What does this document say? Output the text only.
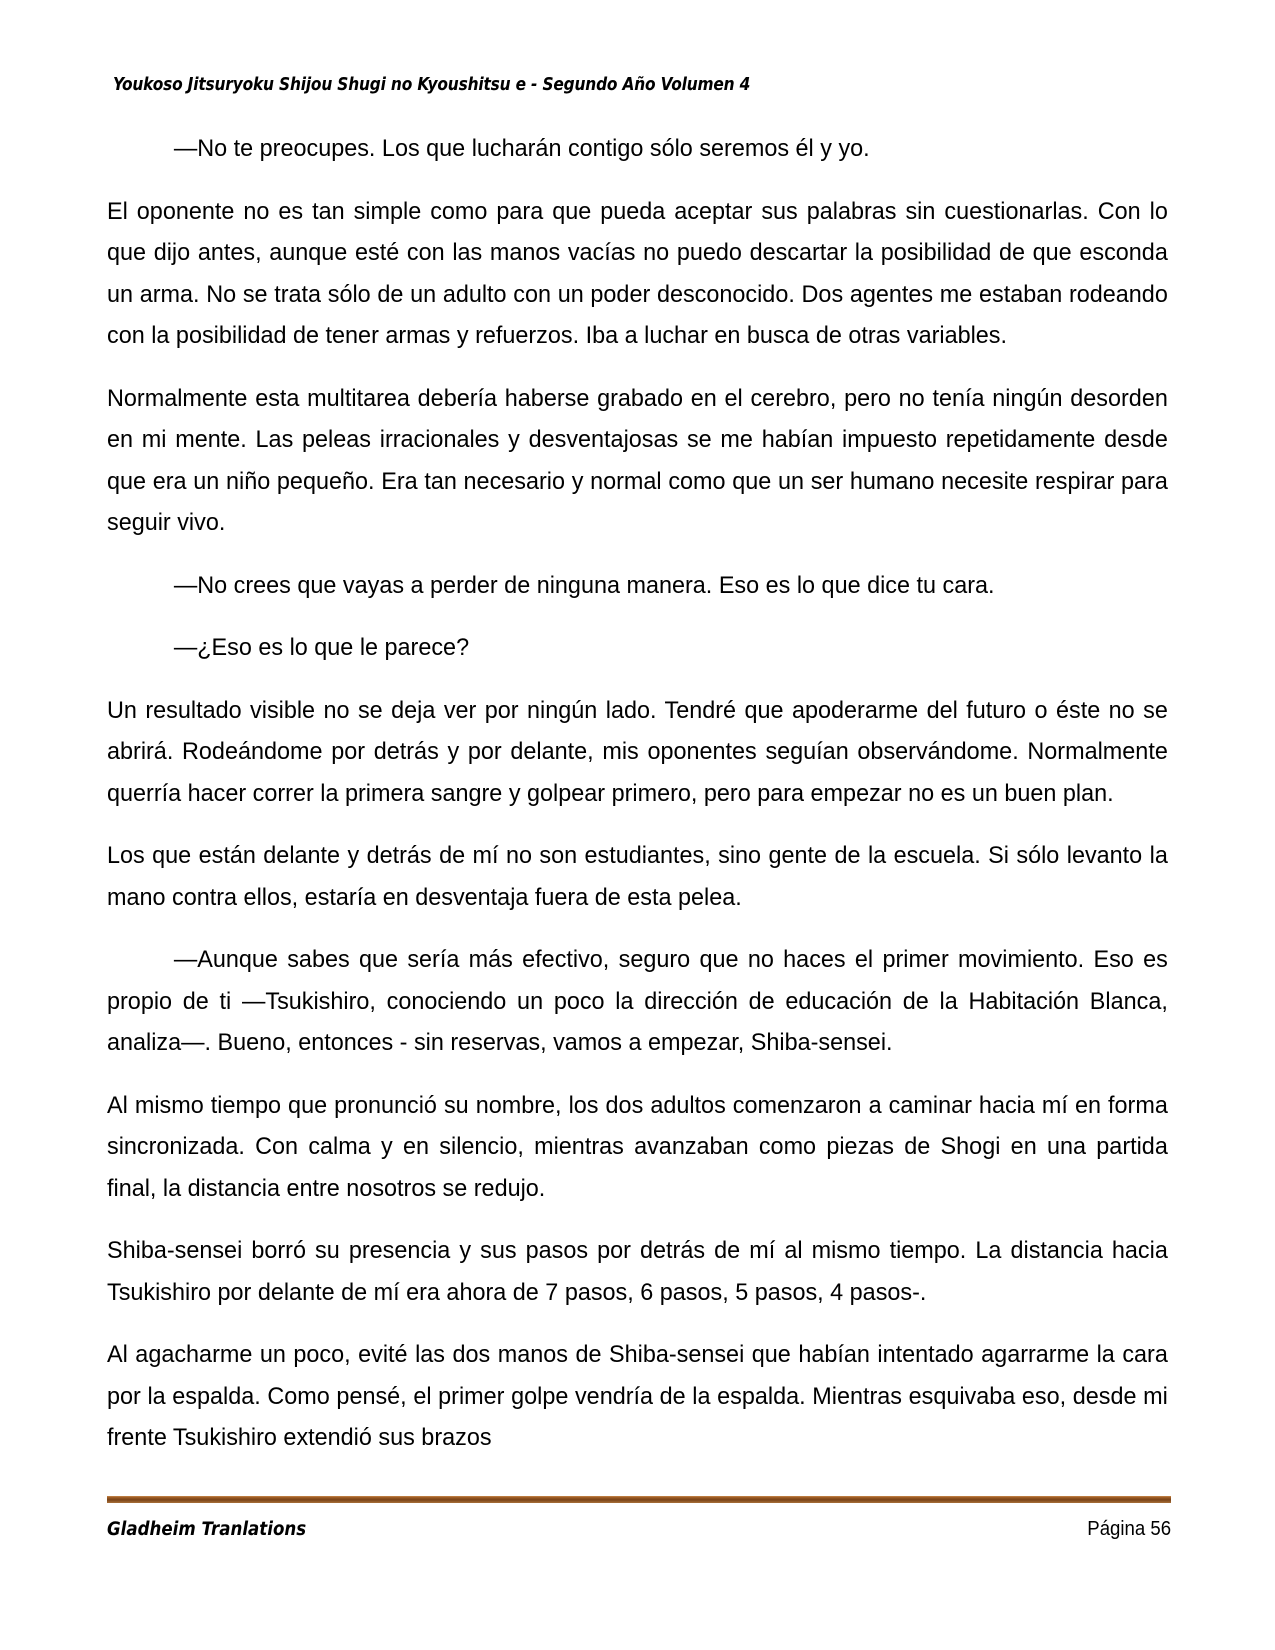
Youkoso Jitsuryoku Shijou Shugi no Kyoushitsu e - Segundo Año Volumen 4

—No te preocupes. Los que lucharán contigo sólo seremos él y yo.

El oponente no es tan simple como para que pueda aceptar sus palabras sin cuestionarlas. Con lo que dijo antes, aunque esté con las manos vacías no puedo descartar la posibilidad de que esconda un arma. No se trata sólo de un adulto con un poder desconocido. Dos agentes me estaban rodeando con la posibilidad de tener armas y refuerzos. Iba a luchar en busca de otras variables.

Normalmente esta multitarea debería haberse grabado en el cerebro, pero no tenía ningún desorden en mi mente. Las peleas irracionales y desventajosas se me habían impuesto repetidamente desde que era un niño pequeño. Era tan necesario y normal como que un ser humano necesite respirar para seguir vivo.

—No crees que vayas a perder de ninguna manera. Eso es lo que dice tu cara.

—¿Eso es lo que le parece?

Un resultado visible no se deja ver por ningún lado. Tendré que apoderarme del futuro o éste no se abrirá. Rodeándome por detrás y por delante, mis oponentes seguían observándome. Normalmente querría hacer correr la primera sangre y golpear primero, pero para empezar no es un buen plan.

Los que están delante y detrás de mí no son estudiantes, sino gente de la escuela. Si sólo levanto la mano contra ellos, estaría en desventaja fuera de esta pelea.

—Aunque sabes que sería más efectivo, seguro que no haces el primer movimiento. Eso es propio de ti —Tsukishiro, conociendo un poco la dirección de educación de la Habitación Blanca, analiza—. Bueno, entonces - sin reservas, vamos a empezar, Shiba-sensei.

Al mismo tiempo que pronunció su nombre, los dos adultos comenzaron a caminar hacia mí en forma sincronizada. Con calma y en silencio, mientras avanzaban como piezas de Shogi en una partida final, la distancia entre nosotros se redujo.

Shiba-sensei borró su presencia y sus pasos por detrás de mí al mismo tiempo. La distancia hacia Tsukishiro por delante de mí era ahora de 7 pasos, 6 pasos, 5 pasos, 4 pasos-.

Al agacharme un poco, evité las dos manos de Shiba-sensei que habían intentado agarrarme la cara por la espalda. Como pensé, el primer golpe vendría de la espalda. Mientras esquivaba eso, desde mi frente Tsukishiro extendió sus brazos

Gladheim Tranlations	Página 56
